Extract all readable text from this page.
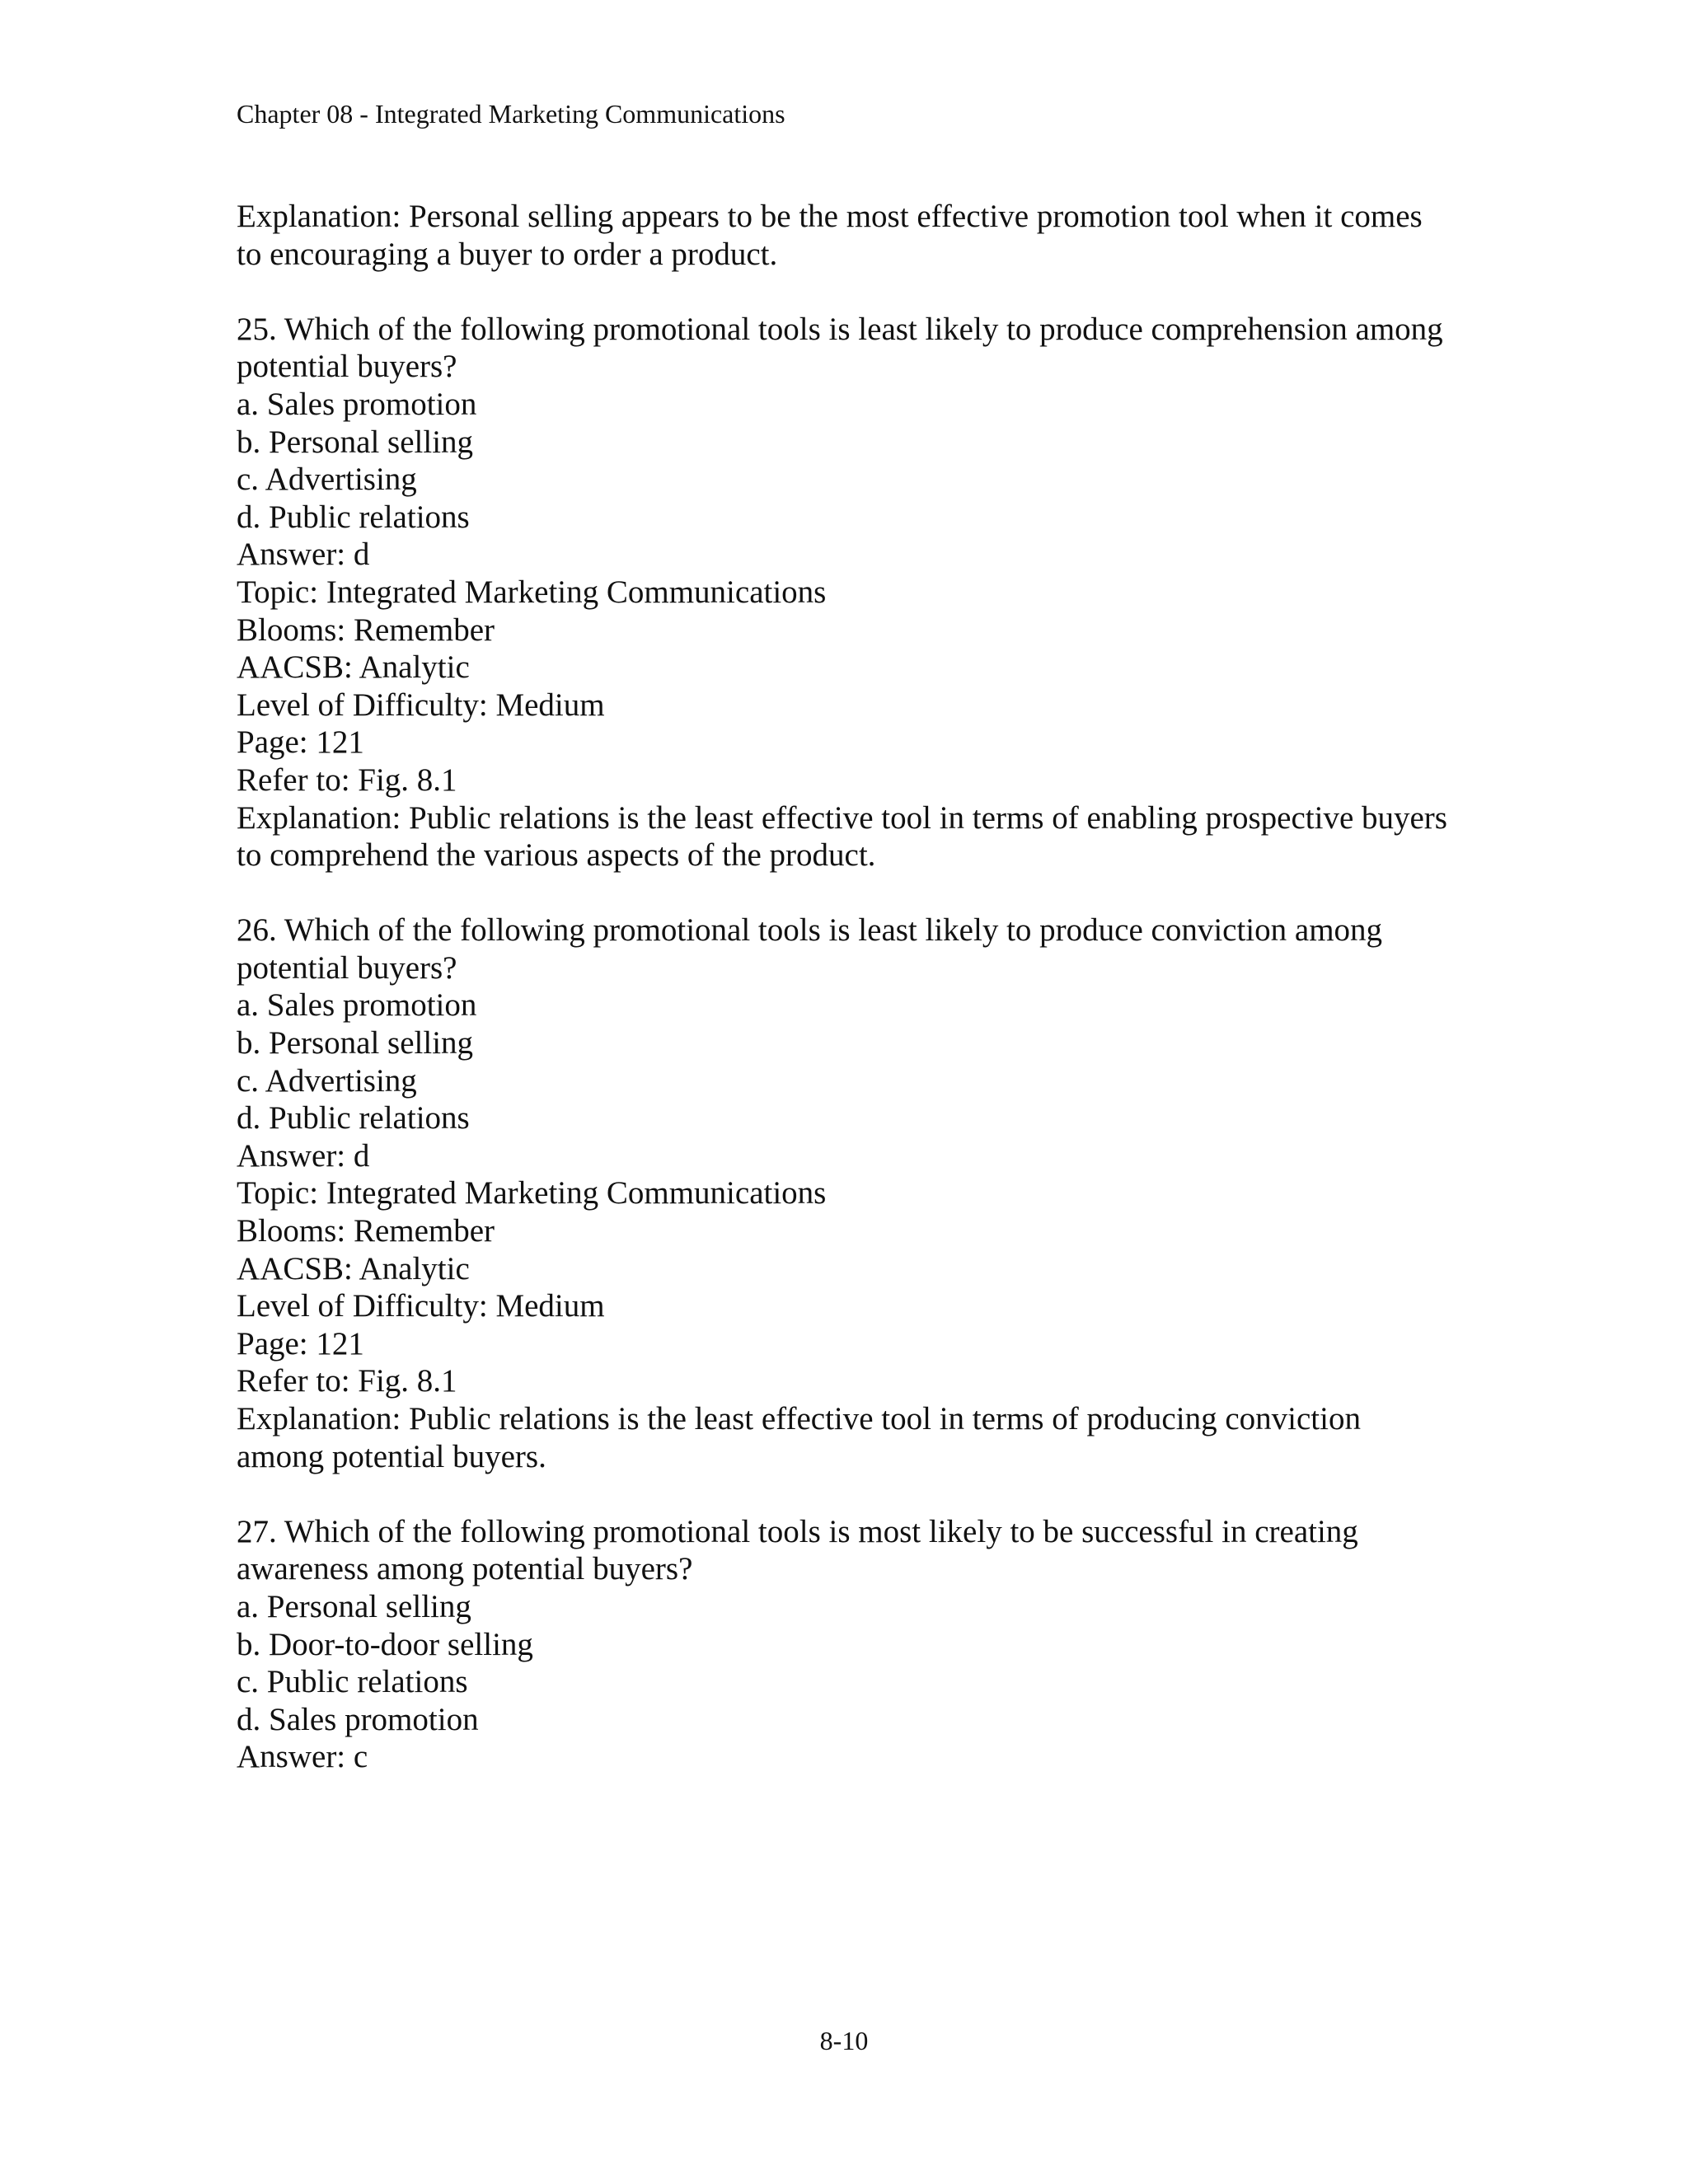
Chapter 08 - Integrated Marketing Communications
Explanation: Personal selling appears to be the most effective promotion tool when it comes
to encouraging a buyer to order a product.
25. Which of the following promotional tools is least likely to produce comprehension among
potential buyers?
a. Sales promotion
b. Personal selling
c. Advertising
d. Public relations
Answer: d
Topic: Integrated Marketing Communications
Blooms: Remember
AACSB: Analytic
Level of Difficulty: Medium
Page: 121
Refer to: Fig. 8.1
Explanation: Public relations is the least effective tool in terms of enabling prospective buyers
to comprehend the various aspects of the product.
26. Which of the following promotional tools is least likely to produce conviction among
potential buyers?
a. Sales promotion
b. Personal selling
c. Advertising
d. Public relations
Answer: d
Topic: Integrated Marketing Communications
Blooms: Remember
AACSB: Analytic
Level of Difficulty: Medium
Page: 121
Refer to: Fig. 8.1
Explanation: Public relations is the least effective tool in terms of producing conviction
among potential buyers.
27. Which of the following promotional tools is most likely to be successful in creating
awareness among potential buyers?
a. Personal selling
b. Door-to-door selling
c. Public relations
d. Sales promotion
Answer: c
8-10
